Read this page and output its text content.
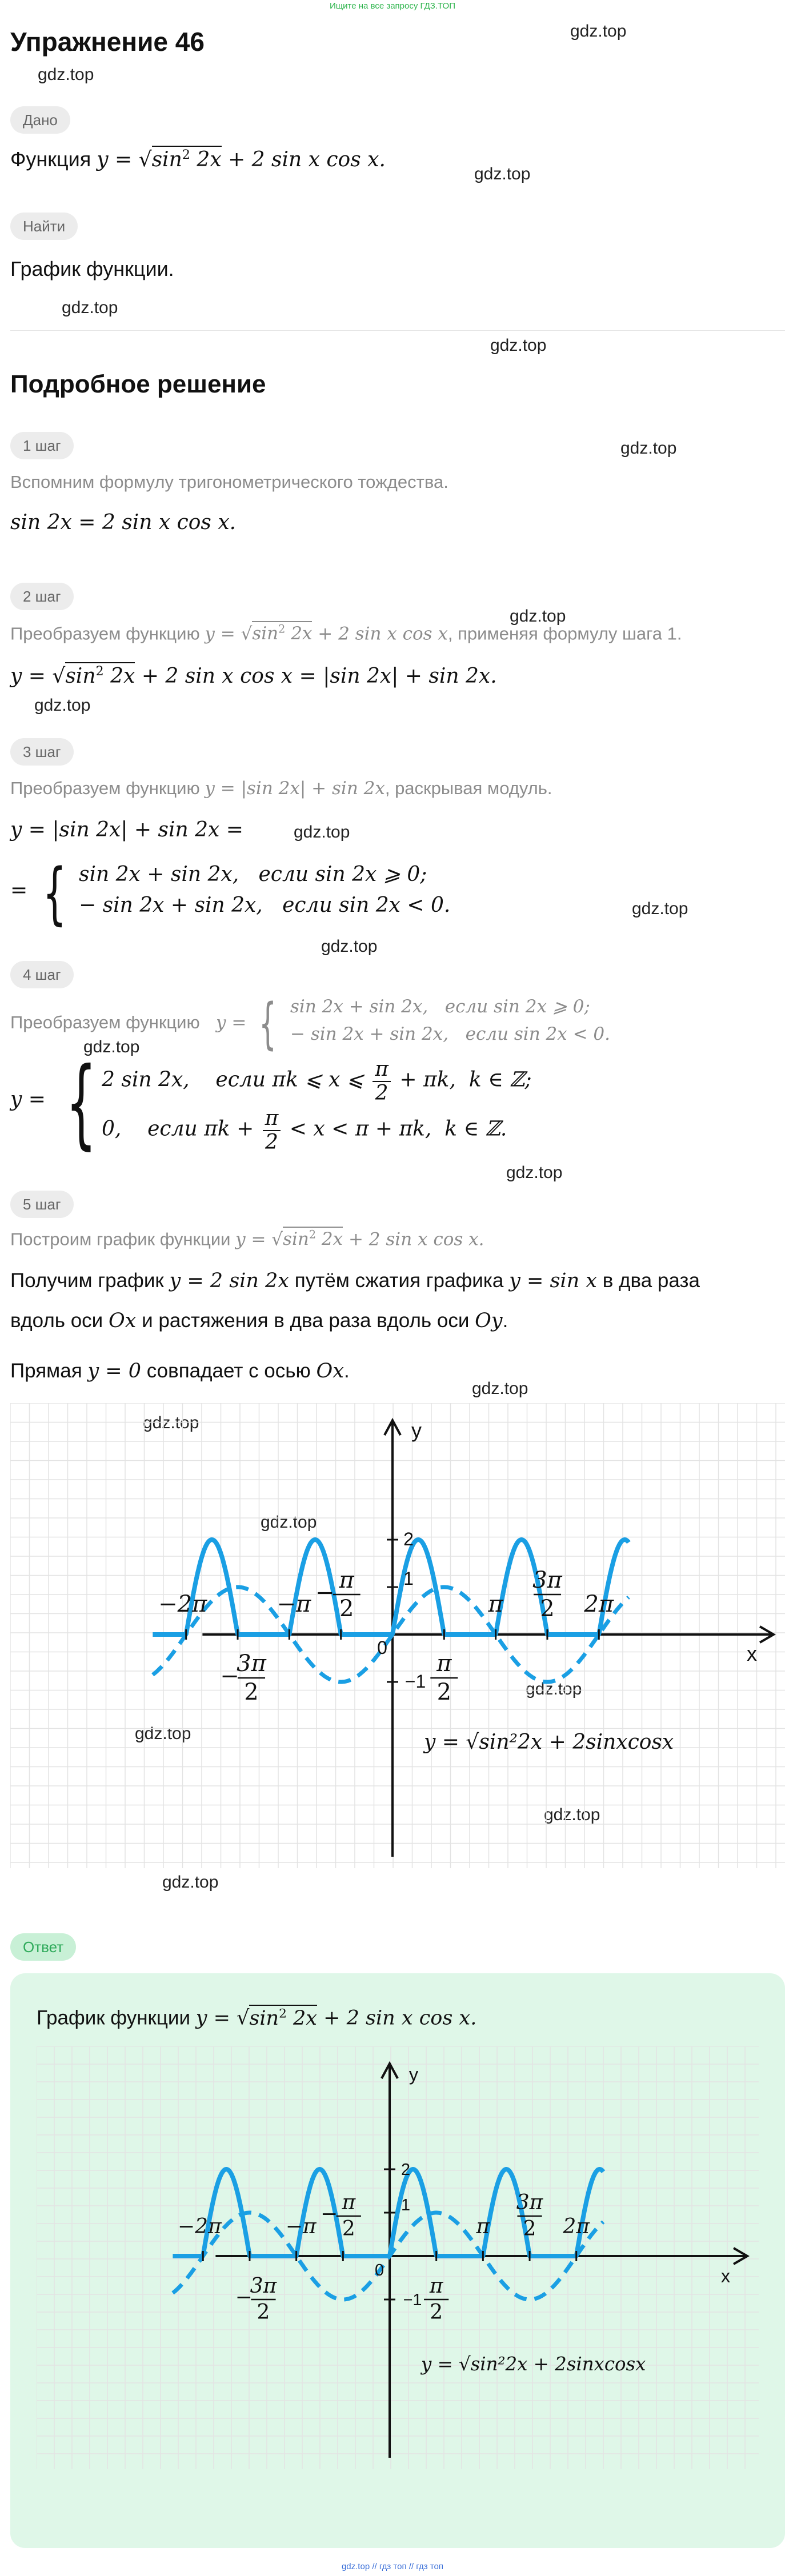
Ищите на все запросу ГДЗ.ТОП
gdz.top
gdz.top
gdz.top
gdz.top
gdz.top
gdz.top
gdz.top
gdz.top
gdz.top
gdz.top
gdz.top
gdz.top
gdz.top
gdz.top
gdz.top
gdz.top
gdz.top
gdz.top
gdz.top
gdz.top
Упражнение 46
Дано
Функция $y = √\sin^2$ 2x + 2 sin x cos x.
Найти
График функции.
Подробное решение
1 шаг
Вспомним формулу тригонометрического тождества.
sin 2x = 2 sin x cos x.
2 шаг
Преобразуем функцию $y = √\sin^2$ 2x + 2 sin x cos x, применяя формулу шага 1.
$y = √\sin^2$ 2x + 2 sin x cos x = |sin 2x| + sin 2x.
3 шаг
Преобразуем функцию y = |sin 2x| + sin 2x, раскрывая модуль.
y = |sin 2x| + sin 2x =
= { sin 2x + sin 2x,   если sin 2x ⩾ 0;
− sin 2x + sin 2x,   если sin 2x < 0.
4 шаг
Преобразуем функцию y = { sin 2x + sin 2x,   если sin 2x ⩾ 0;
− sin 2x + sin 2x,   если sin 2x < 0.
y = { 2 sin 2x,    если πk ⩽ x ⩽ $\frac{\pi}{2} + \pi k$,  k ∈ ℤ;
0,    если $\pi k + \frac{\pi}{2} < x < \pi + \pi k$,  k ∈ ℤ.
5 шаг
Построим график функции $y = √\sin^2$ 2x + 2 sin x cos x.
Получим график y = 2 sin 2x путём сжатия графика y = sin x в два раза
вдоль оси Ox и растяжения в два раза вдоль оси Oy.
Прямая y = 0 совпадает с осью Ox.
y
x
0
2
1
−1
−2π	−π	π	2π
3π
2
−
π
2
−
π
2
3π
2
y = √sin²2x + 2sinxcosx
Ответ
График функции $y = √\sin^2$ 2x + 2 sin x cos x.
y
x
0
2
1
−1
−2π	−π	π	2π
3π
2
−
π
2
−
π
2
3π
2
y = √sin²2x + 2sinxcosx
gdz.top // гдз топ // гдз топ
